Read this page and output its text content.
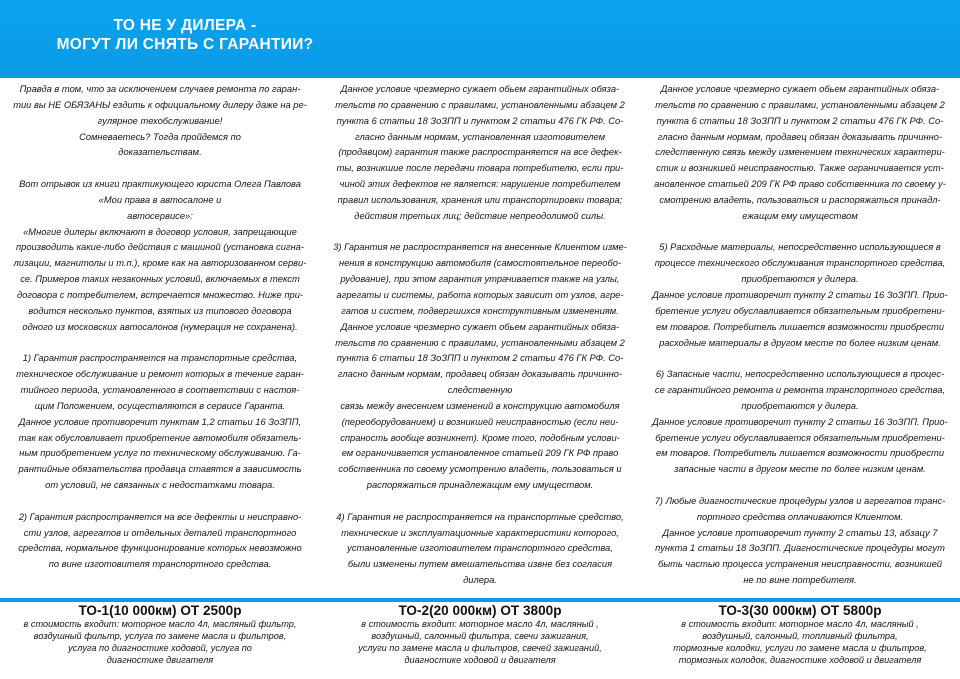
ТО НЕ У ДИЛЕРА -
МОГУТ ЛИ СНЯТЬ С ГАРАНТИИ?

Правда в том, что за исключением случаев ремонта по гаран-

тии вы НЕ ОБЯЗАНЫ ездить к официальному дилеру даже на ре-

гулярное техобслуживание!

Сомневаетесь? Тогда пройдемся по

доказательствам.

Вот отрывок из книги практикующего юриста Олега Павлова

«Мои права в автосалоне и

автосервисе»:

«Многие дилеры включают в договор условия, запрещающие

производить какие-либо действия с машиной (установка сигна-

лизации, магнитолы и т.п.), кроме как на авторизованном серви-

се. Примеров таких незаконных условий, включаемых в текст

договора с потребителем, встречается множество. Ниже при-

водится несколько пунктов, взятых из типового договора

одного из московских автосалонов (нумерация не сохранена).

1) Гарантия распространяется на транспортные средства,

техническое обслуживание и ремонт которых в течение гаран-

тийного периода, установленного в соответствии с настоя-

щим Положением, осуществляются в сервисе Гаранта.

Данное условие противоречит пунктам 1,2 статьи 16 ЗоЗПП,

так как обусловливает приобретение автомобиля обязатель-

ным приобретением услуг по техническому обслуживанию. Га-

рантийные обязательства продавца ставятся в зависимость

от условий, не связанных с недостатками товара.

2) Гарантия распространяется на все дефекты и неисправно-

сти узлов, агрегатов и отдельных деталей транспортного

средства, нормальное функционирование которых невозможно

по вине изготовителя транспортного средства.

Данное условие чрезмерно сужает обьем гарантийных обяза-

тельств по сравнению с правилами, установленными абзацем 2

пункта 6 статьи 18 ЗоЗПП и пунктом 2 статьи 476 ГК РФ. Со-

гласно данным нормам, установленная изготовителем

(продавцом) гарантия также распространяется на все дефек-

ты, возникшие после передачи товара потребителю, если при-

чиной этих дефектов не является: нарушение потребителем

правил использования, хранения или транспортировки товара;

действия третьих лиц; действие непреодолимой силы.

3) Гарантия не распространяется на внесенные Клиентом изме-

нения в конструкцию автомобиля (самостоятельное переобо-

рудование), при этом гарантия утрачивается также на узлы,

агрегаты и системы, работа которых зависит от узлов, агре-

гатов и систем, подвергшихся конструктивным изменениям.

Данное условие чрезмерно сужает обьем гарантийных обяза-

тельств по сравнению с правилами, установленными абзацем 2

пункта 6 статьи 18 ЗоЗПП и пунктом 2 статьи 476 ГК РФ. Со-

гласно данным нормам, продавец обязан доказывать причинно-

следственную

связь между внесением изменений в конструкцию автомобиля

(переоборудованием) и возникшей неисправностью (если неи-

спраность вообще возникнет). Кроме того, подобным услови-

ем ограничивается установленное статьей 209 ГК РФ право

собственника по своему усмотрению владеть, пользоваться и

распоряжаться принадлежащим ему имуществом.

4) Гарантия не распространяется на транспортные средство,

технические и эксплуатационные характеристики которого,

установленные изготовителем транспортного средства,

были изменены путем вмешательства извне без согласия

дилера.

Данное условие чрезмерно сужает обьем гарантийных обяза-

тельств по сравнению с правилами, установленными абзацем 2

пункта 6 статьи 18 ЗоЗПП и пунктом 2 статьи 476 ГК РФ. Со-

гласно данным нормам, продавец обязан доказывать причинно-

следственную связь между изменением технических характери-

стик и возникшей неисправностью. Также ограничивается уст-

ановленное статьей 209 ГК РФ право собственника по своему у-

смотрению владеть, пользоваться и распоряжаться принадл-

ежащим ему имуществом

5) Расходные материалы, непосредственно использующиеся в

процессе технического обслуживания транспортного средства,

приобретаются у дилера.

Данное условие противоречит пункту 2 статьи 16 ЗоЗПП. Прио-

бретение услуги обуславливается обязательным приобретени-

ем товаров. Потребитель лишается возможности приобрести

расходные материалы в другом месте по более низким ценам.

6) Запасные части, непосредственно использующиеся в процес-

се гарантийного ремонта и ремонта транспортного средства,

приобретаются у дилера.

Данное условие противоречит пункту 2 статьи 16 ЗоЗПП. Прио-

бретение услуги обуславливается обязательным приобретени-

ем товаров. Потребитель лишается возможности приобрести

запасные части в другом месте по более низким ценам.

7) Любые диагностические процедуры узлов и агрегатов транс-

портного средства оплачиваются Клиентом.

Данное условие противоречит пункту 2 статьи 13, абзацу 7

пункта 1 статьи 18 ЗоЗПП. Диагностические процедуры могут

быть частью процесса устранения неисправности, возникшей

не по вине потребителя.

ТО-1(10 000км) ОТ 2500р
в стоимость входит: моторное масло 4л, масляный фильтр,
воздушный фильтр, услуга по замене масла и фильтров,
услуга по диагностике ходовой, услуга по
диагностике двигателя
ТО-2(20 000км) ОТ 3800р
в стоимость входит: моторное масло 4л, масляный ,
воздушный, салонный фильтра, свечи зажигания,
услуги по замене масла и фильтров, свечей зажиганий,
диагностике ходовой и двигателя
ТО-3(30 000км) ОТ 5800р
в стоимость входит: моторное масло 4л, масляный ,
воздушный, салонный, топливный фильтра,
тормозные колодки, услуги по замене масла и фильтров,
тормозных колодок, диагностике ходовой и двигателя
